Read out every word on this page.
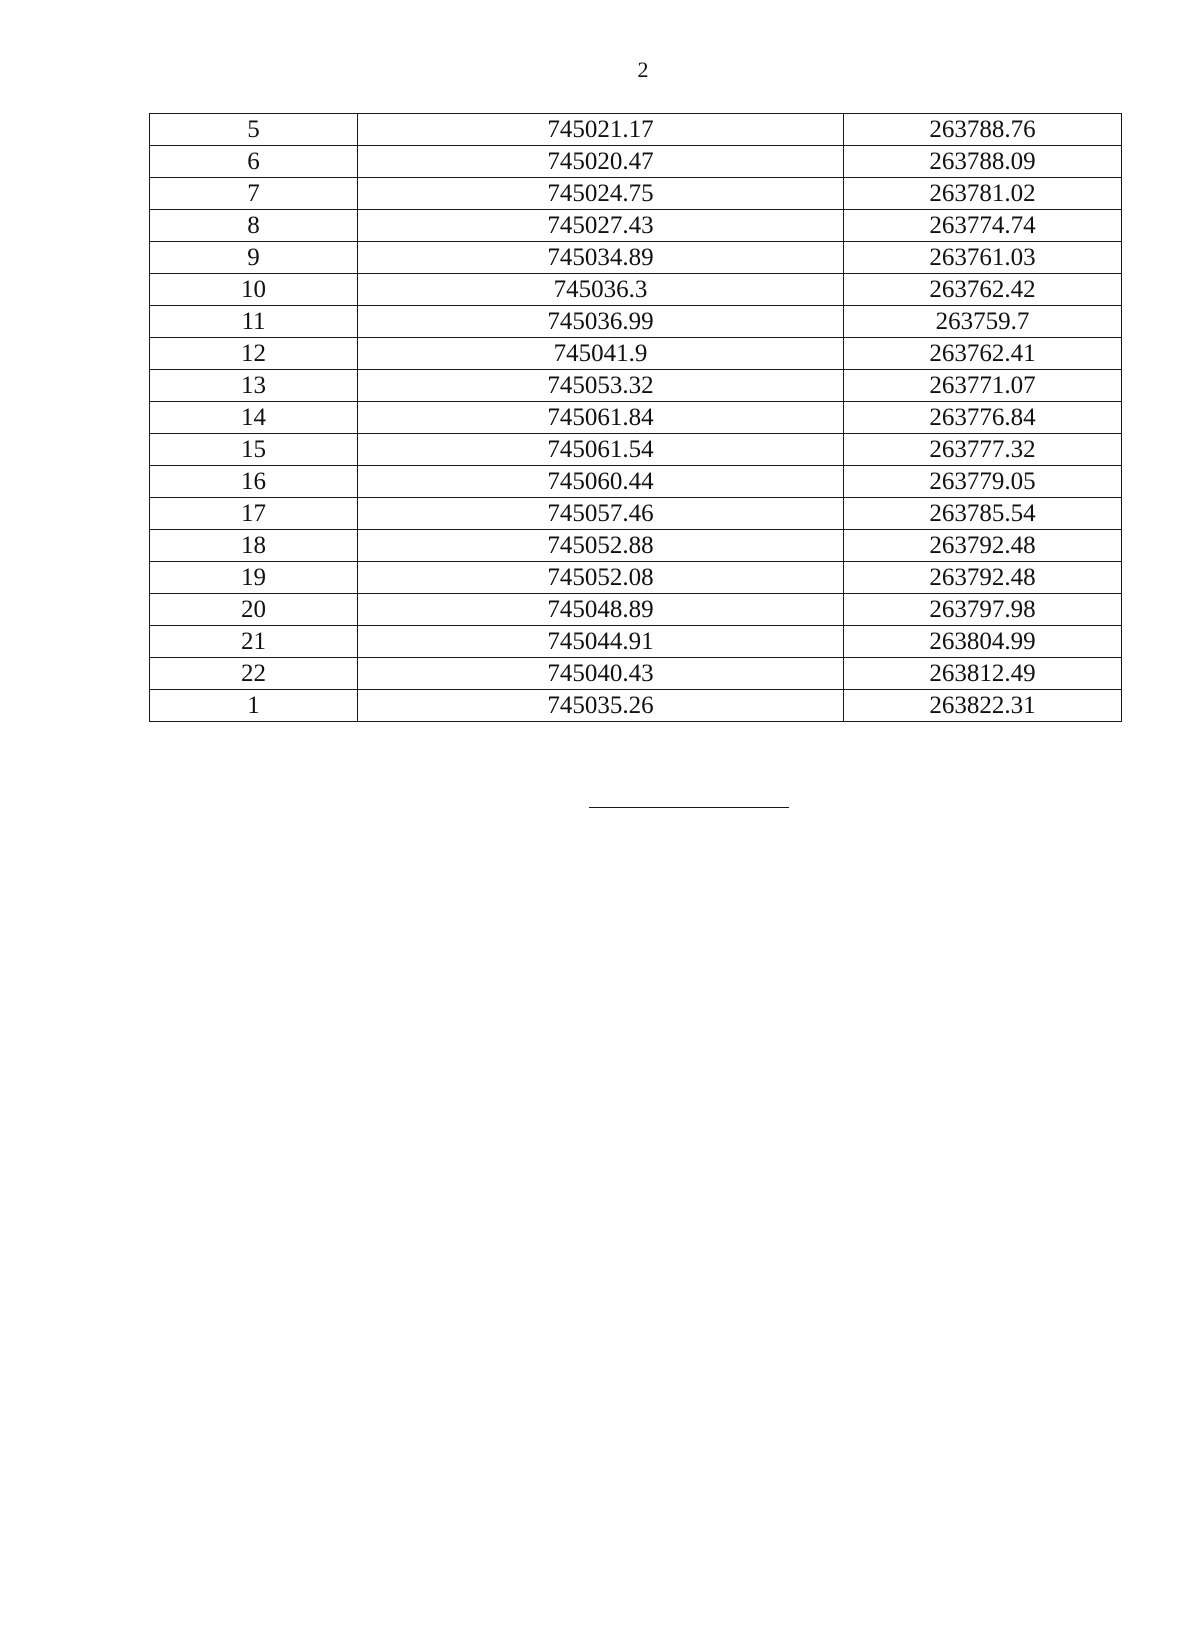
2
5	745021.17	263788.76
6	745020.47	263788.09
7	745024.75	263781.02
8	745027.43	263774.74
9	745034.89	263761.03
10	745036.3	263762.42
11	745036.99	263759.7
12	745041.9	263762.41
13	745053.32	263771.07
14	745061.84	263776.84
15	745061.54	263777.32
16	745060.44	263779.05
17	745057.46	263785.54
18	745052.88	263792.48
19	745052.08	263792.48
20	745048.89	263797.98
21	745044.91	263804.99
22	745040.43	263812.49
1	745035.26	263822.31
